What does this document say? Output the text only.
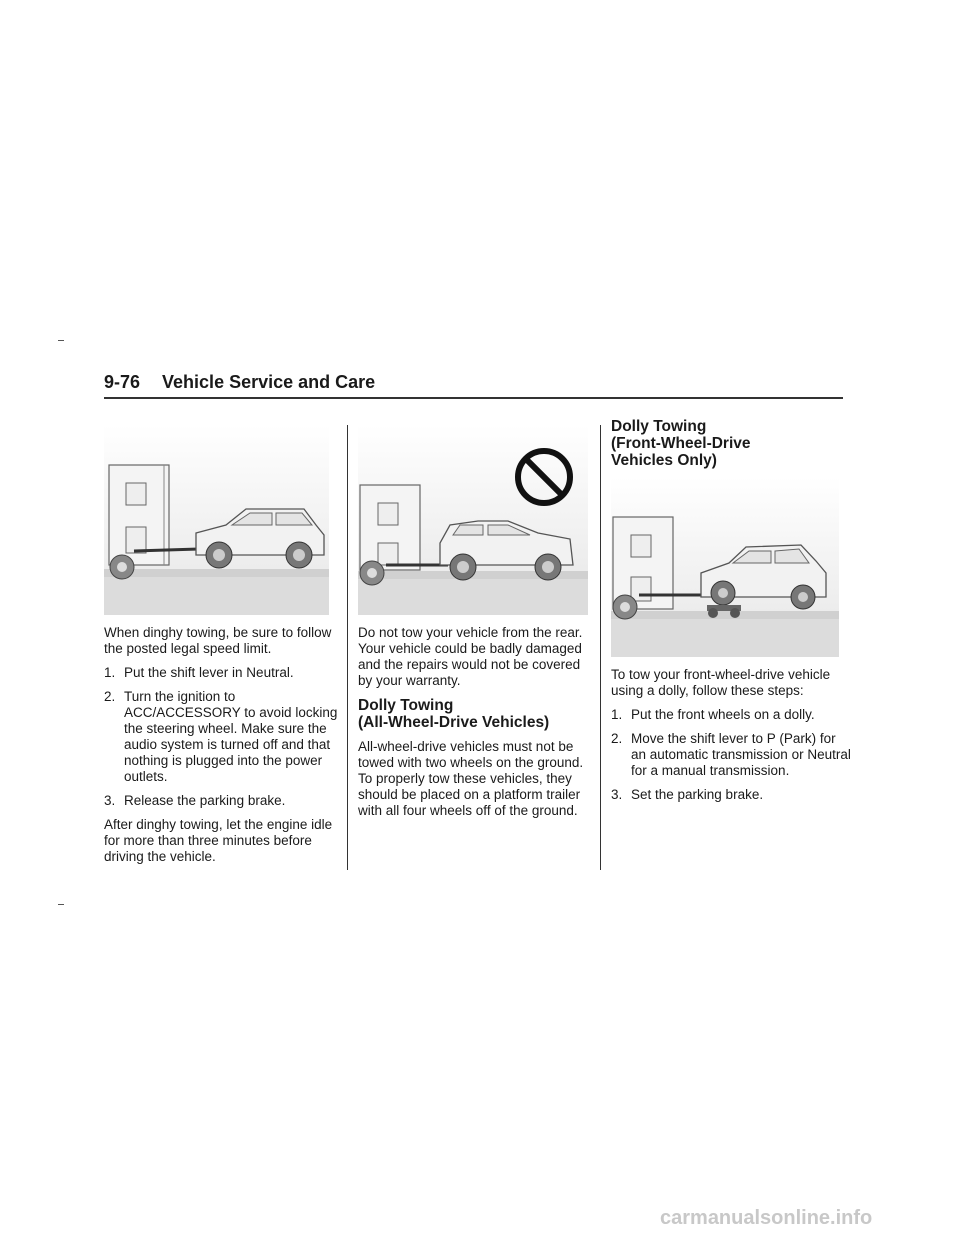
9-76 Vehicle Service and Care

When dinghy towing, be sure to follow the posted legal speed limit.

1. Put the shift lever in Neutral.
2. Turn the ignition to ACC/ACCESSORY to avoid locking the steering wheel. Make sure the audio system is turned off and that nothing is plugged into the power outlets.
3. Release the parking brake.

After dinghy towing, let the engine idle for more than three minutes before driving the vehicle.

Do not tow your vehicle from the rear. Your vehicle could be badly damaged and the repairs would not be covered by your warranty.

Dolly Towing
(All-Wheel-Drive Vehicles)

All-wheel-drive vehicles must not be towed with two wheels on the ground. To properly tow these vehicles, they should be placed on a platform trailer with all four wheels off of the ground.

Dolly Towing
(Front-Wheel-Drive
Vehicles Only)

To tow your front-wheel-drive vehicle using a dolly, follow these steps:

1. Put the front wheels on a dolly.
2. Move the shift lever to P (Park) for an automatic transmission or Neutral for a manual transmission.
3. Set the parking brake.
carmanualsonline.info
